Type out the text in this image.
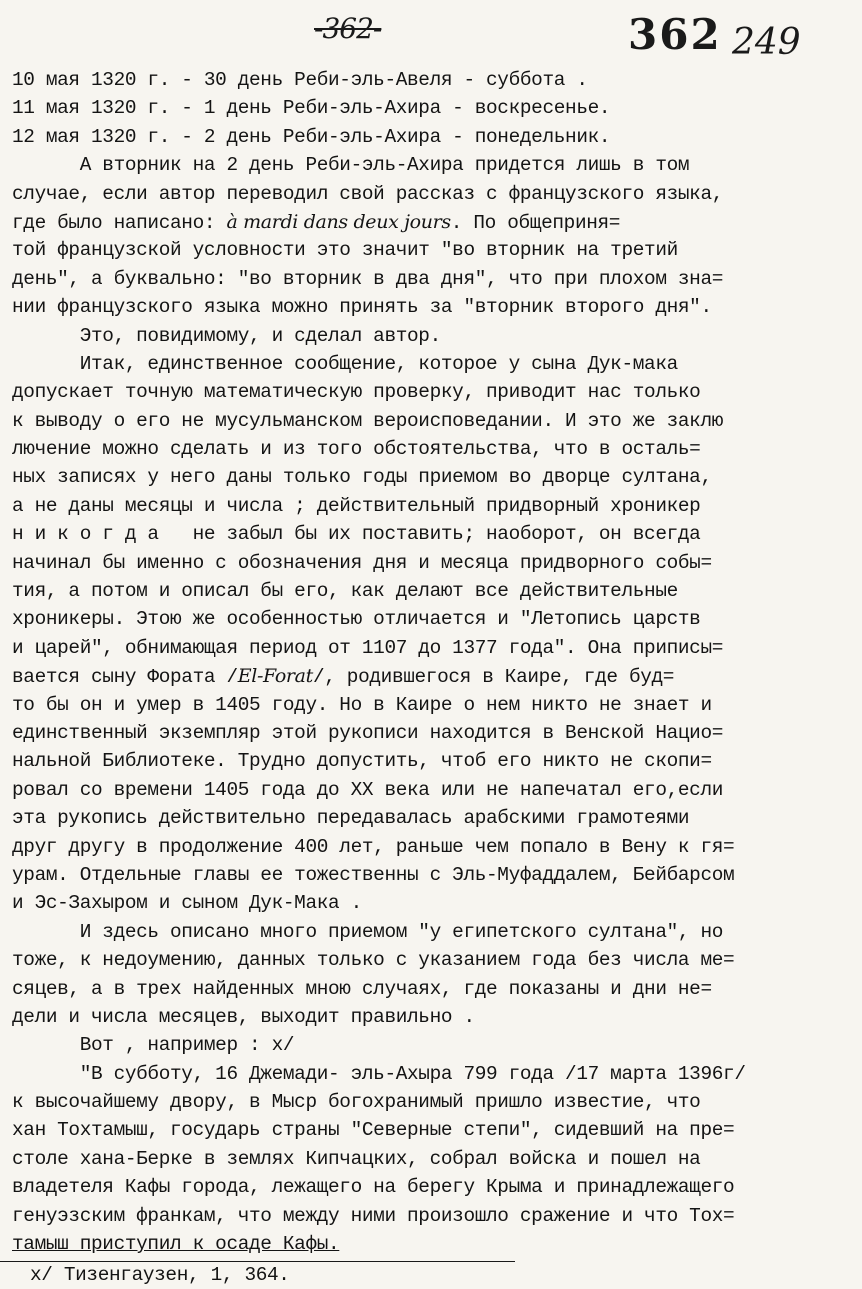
-362-	362 249
10 мая 1320 г. - 30 день Реби-эль-Авеля - суббота .
11 мая 1320 г. - 1 день Реби-эль-Ахира - воскресенье.
12 мая 1320 г. - 2 день Реби-эль-Ахира - понедельник.
А вторник на 2 день Реби-эль-Ахира придется лишь в том
случае, если автор переводил свой рассказ с французского языка,
где было написано: à mardi dans deux jours. По общеприня=
той французской условности это значит "во вторник на третий
день", а буквально: "во вторник в два дня", что при плохом зна=
нии французского языка можно принять за "вторник второго дня".
Это, повидимому, и сделал автор.
Итак, единственное сообщение, которое у сына Дук-мака
допускает точную математическую проверку, приводит нас только
к выводу о его не мусульманском вероисповедании. И это же заклю
лючение можно сделать и из того обстоятельства, что в осталь=
ных записях у него даны только годы приемом во дворце султана,
а не даны месяцы и числа ; действительный придворный хроникер
н и к о г д а   не забыл бы их поставить; наоборот, он всегда
начинал бы именно с обозначения дня и месяца придворного собы=
тия, а потом и описал бы его, как делают все действительные
хроникеры. Этою же особенностью отличается и "Летопись царств
и царей", обнимающая период от 1107 до 1377 года". Она приписы=
вается сыну Фората /El-Forat/, родившегося в Каире, где буд=
то бы он и умер в 1405 году. Но в Каире о нем никто не знает и
единственный экземпляр этой рукописи находится в Венской Нацио=
нальной Библиотеке. Трудно допустить, чтоб его никто не скопи=
ровал со времени 1405 года до XX века или не напечатал его,если
эта рукопись действительно передавалась арабскими грамотеями
друг другу в продолжение 400 лет, раньше чем попало в Вену к гя=
урам. Отдельные главы ее тожественны с Эль-Муфаддалем, Бейбарсом
и Эс-Захыром и сыном Дук-Мака .
И здесь описано много приемом "у египетского султана", но
тоже, к недоумению, данных только с указанием года без числа ме=
сяцев, а в трех найденных мною случаях, где показаны и дни не=
дели и числа месяцев, выходит правильно .
Вот , например : x/
"В субботу, 16 Джемади- эль-Ахыра 799 года /17 марта 1396г/
к высочайшему двору, в Мыср богохранимый пришло известие, что
хан Тохтамыш, государь страны "Северные степи", сидевший на пре=
столе хана-Берке в землях Кипчацких, собрал войска и пошел на
владетеля Кафы города, лежащего на берегу Крыма и принадлежащего
генуэзским франкам, что между ними произошло сражение и что Тох=
тамыш приступил к осаде Кафы.
x/ Тизенгаузен, 1, 364.
